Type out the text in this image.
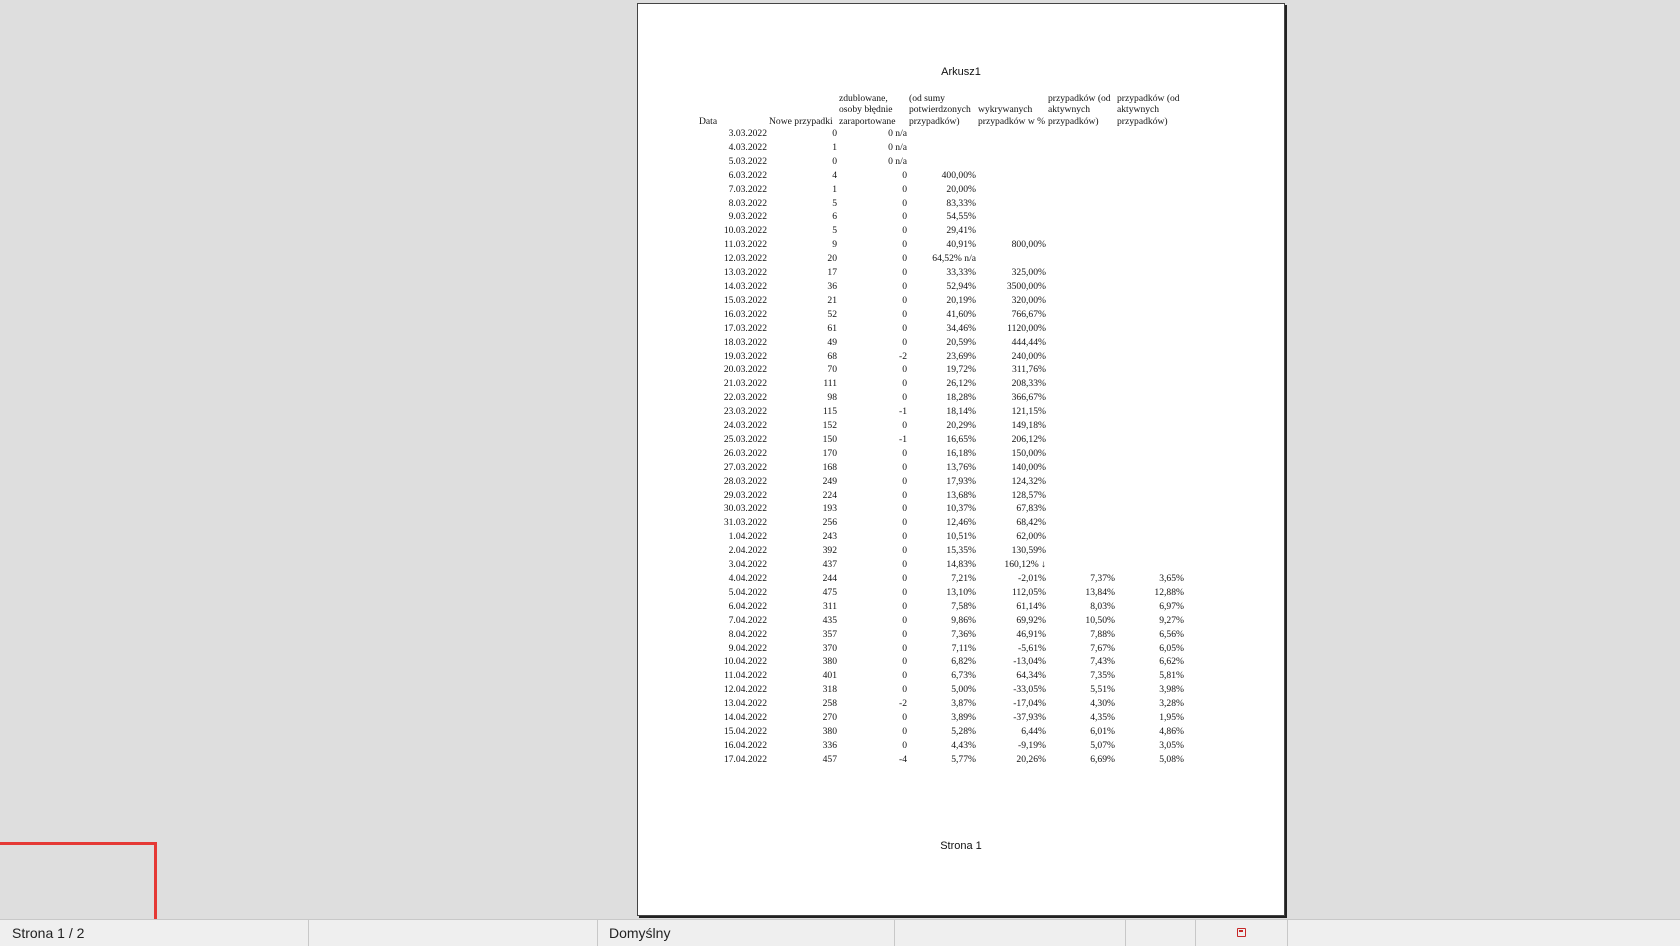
Arkusz1
Data	Nowe przypadki	zdublowane, osoby błędnie zaraportowane	(od sumy potwierdzonych przypadków)	wykrywanych przypadków w %	przypadków (od aktywnych przypadków)	przypadków (od aktywnych przypadków)
3.03.2022	0	0 n/a				
4.03.2022	1	0 n/a				
5.03.2022	0	0 n/a				
6.03.2022	4	0	400,00%			
7.03.2022	1	0	20,00%			
8.03.2022	5	0	83,33%			
9.03.2022	6	0	54,55%			
10.03.2022	5	0	29,41%			
11.03.2022	9	0	40,91%	800,00%		
12.03.2022	20	0	64,52% n/a			
13.03.2022	17	0	33,33%	325,00%		
14.03.2022	36	0	52,94%	3500,00%		
15.03.2022	21	0	20,19%	320,00%		
16.03.2022	52	0	41,60%	766,67%		
17.03.2022	61	0	34,46%	1120,00%		
18.03.2022	49	0	20,59%	444,44%		
19.03.2022	68	-2	23,69%	240,00%		
20.03.2022	70	0	19,72%	311,76%		
21.03.2022	111	0	26,12%	208,33%		
22.03.2022	98	0	18,28%	366,67%		
23.03.2022	115	-1	18,14%	121,15%		
24.03.2022	152	0	20,29%	149,18%		
25.03.2022	150	-1	16,65%	206,12%		
26.03.2022	170	0	16,18%	150,00%		
27.03.2022	168	0	13,76%	140,00%		
28.03.2022	249	0	17,93%	124,32%		
29.03.2022	224	0	13,68%	128,57%		
30.03.2022	193	0	10,37%	67,83%		
31.03.2022	256	0	12,46%	68,42%		
1.04.2022	243	0	10,51%	62,00%		
2.04.2022	392	0	15,35%	130,59%		
3.04.2022	437	0	14,83%	160,12% ↓		
4.04.2022	244	0	7,21%	-2,01%	7,37%	3,65%
5.04.2022	475	0	13,10%	112,05%	13,84%	12,88%
6.04.2022	311	0	7,58%	61,14%	8,03%	6,97%
7.04.2022	435	0	9,86%	69,92%	10,50%	9,27%
8.04.2022	357	0	7,36%	46,91%	7,88%	6,56%
9.04.2022	370	0	7,11%	-5,61%	7,67%	6,05%
10.04.2022	380	0	6,82%	-13,04%	7,43%	6,62%
11.04.2022	401	0	6,73%	64,34%	7,35%	5,81%
12.04.2022	318	0	5,00%	-33,05%	5,51%	3,98%
13.04.2022	258	-2	3,87%	-17,04%	4,30%	3,28%
14.04.2022	270	0	3,89%	-37,93%	4,35%	1,95%
15.04.2022	380	0	5,28%	6,44%	6,01%	4,86%
16.04.2022	336	0	4,43%	-9,19%	5,07%	3,05%
17.04.2022	457	-4	5,77%	20,26%	6,69%	5,08%
Strona 1
Strona 1 / 2	Domyślny
